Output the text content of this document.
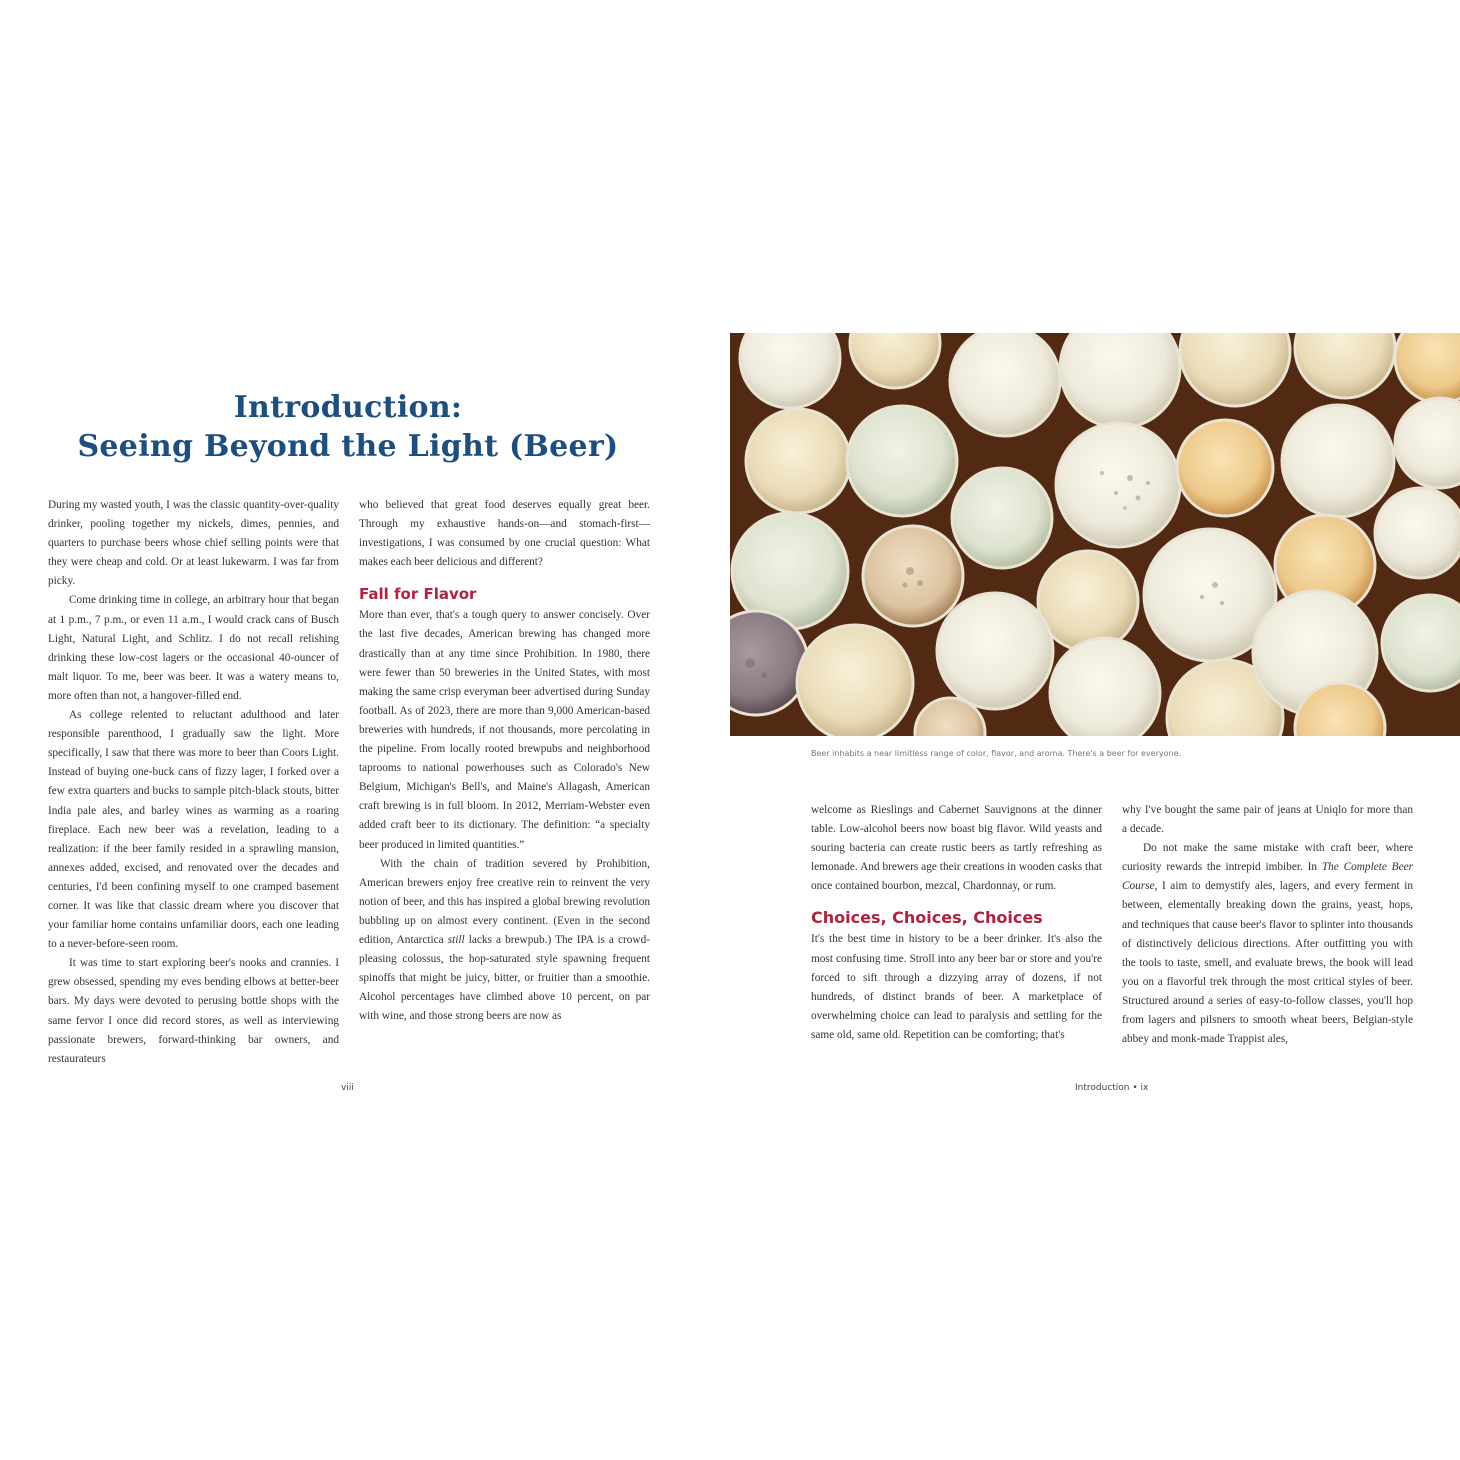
Introduction:
Seeing Beyond the Light (Beer)

During my wasted youth, I was the classic quantity-over-quality drinker, pooling together my nickels, dimes, pennies, and quarters to purchase beers whose chief selling points were that they were cheap and cold. Or at least lukewarm. I was far from picky.

Come drinking time in college, an arbitrary hour that began at 1 p.m., 7 p.m., or even 11 a.m., I would crack cans of Busch Light, Natural Light, and Schlitz. I do not recall relishing drinking these low-cost lagers or the occasional 40-ouncer of malt liquor. To me, beer was beer. It was a watery means to, more often than not, a hangover-filled end.

As college relented to reluctant adulthood and later responsible parenthood, I gradually saw the light. More specifically, I saw that there was more to beer than Coors Light. Instead of buying one-buck cans of fizzy lager, I forked over a few extra quarters and bucks to sample pitch-black stouts, bitter India pale ales, and barley wines as warming as a roaring fireplace. Each new beer was a revelation, leading to a realization: if the beer family resided in a sprawling mansion, annexes added, excised, and renovated over the decades and centuries, I'd been confining myself to one cramped basement corner. It was like that classic dream where you discover that your familiar home contains unfamiliar doors, each one leading to a never-before-seen room.

It was time to start exploring beer's nooks and crannies. I grew obsessed, spending my eves bending elbows at better-beer bars. My days were devoted to perusing bottle shops with the same fervor I once did record stores, as well as interviewing passionate brewers, forward-thinking bar owners, and restaurateurs

who believed that great food deserves equally great beer. Through my exhaustive hands-on—and stomach-first—investigations, I was consumed by one crucial question: What makes each beer delicious and different?

Fall for Flavor

More than ever, that's a tough query to answer concisely. Over the last five decades, American brewing has changed more drastically than at any time since Prohibition. In 1980, there were fewer than 50 breweries in the United States, with most making the same crisp everyman beer advertised during Sunday football. As of 2023, there are more than 9,000 American-based breweries with hundreds, if not thousands, more percolating in the pipeline. From locally rooted brewpubs and neighborhood taprooms to national powerhouses such as Colorado's New Belgium, Michigan's Bell's, and Maine's Allagash, American craft brewing is in full bloom. In 2012, Merriam-Webster even added craft beer to its dictionary. The definition: “a specialty beer produced in limited quantities.”

With the chain of tradition severed by Prohibition, American brewers enjoy free creative rein to reinvent the very notion of beer, and this has inspired a global brewing revolution bubbling up on almost every continent. (Even in the second edition, Antarctica still lacks a brewpub.) The IPA is a crowd-pleasing colossus, the hop-saturated style spawning frequent spinoffs that might be juicy, bitter, or fruitier than a smoothie. Alcohol percentages have climbed above 10 percent, on par with wine, and those strong beers are now as

viii
Beer inhabits a near limitless range of color, flavor, and aroma. There's a beer for everyone.

welcome as Rieslings and Cabernet Sauvignons at the dinner table. Low-alcohol beers now boast big flavor. Wild yeasts and souring bacteria can create rustic beers as tartly refreshing as lemonade. And brewers age their creations in wooden casks that once contained bourbon, mezcal, Chardonnay, or rum.

Choices, Choices, Choices

It's the best time in history to be a beer drinker. It's also the most confusing time. Stroll into any beer bar or store and you're forced to sift through a dizzying array of dozens, if not hundreds, of distinct brands of beer. A marketplace of overwhelming choice can lead to paralysis and settling for the same old, same old. Repetition can be comforting; that's

why I've bought the same pair of jeans at Uniqlo for more than a decade.

Do not make the same mistake with craft beer, where curiosity rewards the intrepid imbiber. In The Complete Beer Course, I aim to demystify ales, lagers, and every ferment in between, elementally breaking down the grains, yeast, hops, and techniques that cause beer's flavor to splinter into thousands of distinctively delicious directions. After outfitting you with the tools to taste, smell, and evaluate brews, the book will lead you on a flavorful trek through the most critical styles of beer. Structured around a series of easy-to-follow classes, you'll hop from lagers and pilsners to smooth wheat beers, Belgian-style abbey and monk-made Trappist ales,

Introduction • ix
